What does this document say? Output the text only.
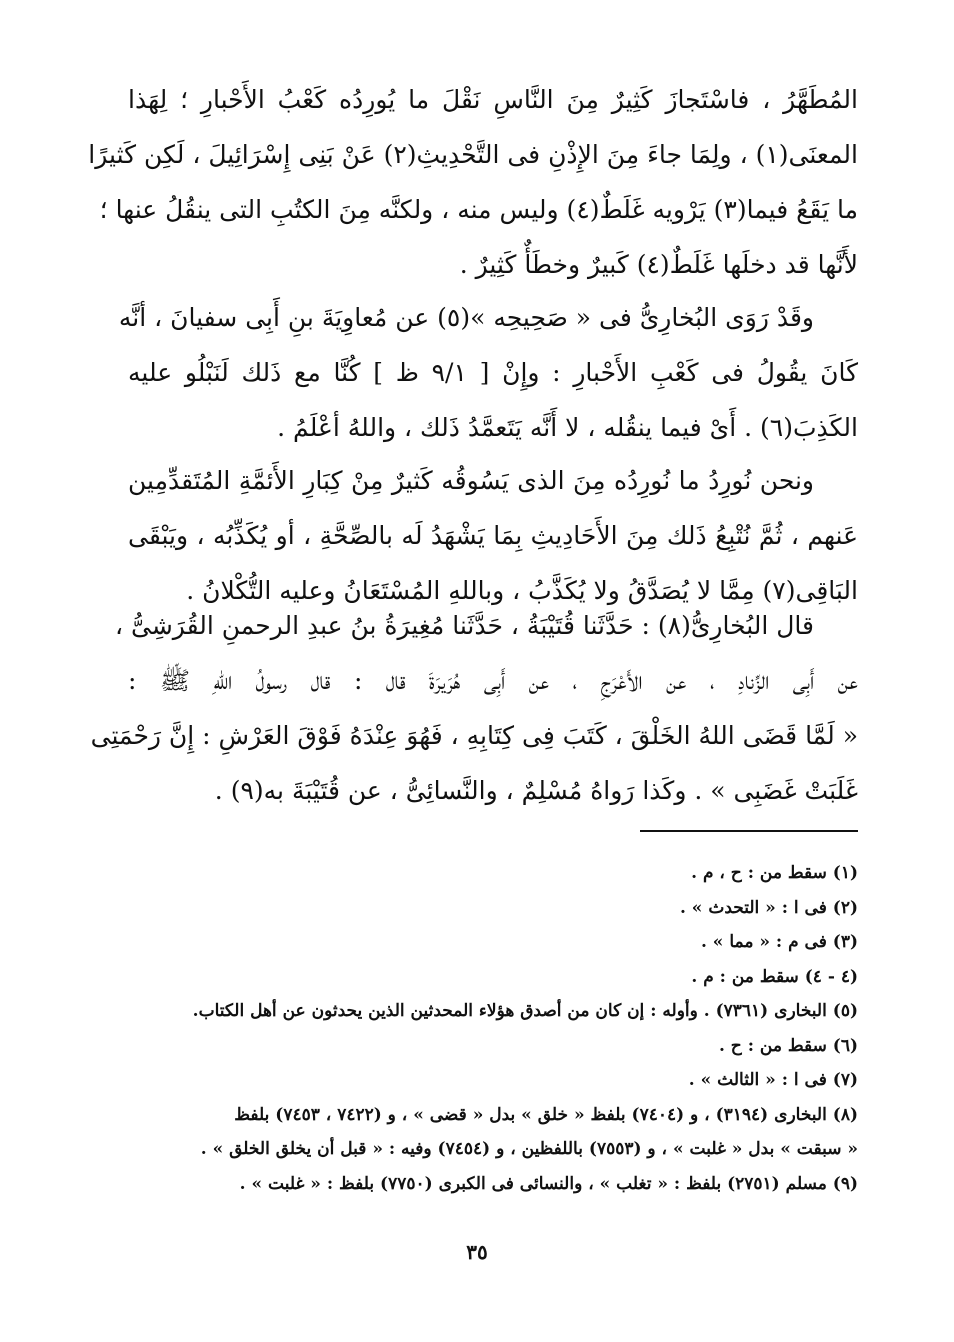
المُطَهَّرُ ، فاسْتَجازَ كَثِيرٌ مِنَ النَّاسِ نَقْلَ ما يُورِدُه كَعْبُ الأَحْبارِ ؛ لِهَذا
المعنَى(١) ، ولِمَا جاءَ مِنَ الإِذْنِ فى التَّحْدِيثِ(٢) عَنْ بَنِى إِسْرَائِيلَ ، لَكِن كَثيرًا
ما يَقَعُ فيما(٣) يَرْويه غَلَطٌ(٤) وليس منه ، ولكنَّه مِنَ الكتُبِ التى ينقُلُ عنها ؛
لأَنَّها قد دخلَها غَلَطٌ(٤) كَبيرٌ وخطَأٌ كَثِيرٌ .
وقَدْ رَوَى البُخارِىُّ فى « صَحِيحِه »(٥) عن مُعاوِيَةَ بنِ أَبِى سفيانَ ، أنَّه
كَانَ يقُولُ فى كَعْبِ الأَحْبارِ : وإِنْ [ ٩/١ ظ ] كُنَّا مع ذَلك لَنَبْلُو عليه
الكَذِبَ(٦) . أَىْ فيما ينقُله ، لا أَنَّه يَتَعمَّدُ ذَلك ، واللهُ أعْلَمُ .
ونحن نُورِدُ ما نُورِدُه مِنَ الذى يَسُوقُه كَثيرٌ مِنْ كِبَارِ الأَئمَّةِ المُتَقدِّمِين
عَنهم ، ثُمَّ نُتْبِعُ ذَلك مِنَ الأَحَادِيثِ بِمَا يَشْهَدُ لَه بالصِّحَّةِ ، أو يُكَذِّبُه ، ويَبْقَى
البَاقِى(٧) مِمَّا لا يُصَدَّقُ ولا يُكَذَّبُ ، وباللهِ المُسْتَعَانُ وعليه التُّكْلانُ .
قال البُخارِىُّ(٨) : حَدَّثَنا قُتَيْبَةُ ، حَدَّثَنا مُغِيرَةُ بنُ عبدِ الرحمنِ القُرَشِىُّ ،
عن أَبِى الزِّنادِ ، عن الأَعْرَجِ ، عن أَبِى هُرَيرَةَ قال : قال رسولُ اللهِ ﷺ :
« لَمَّا قَضَى اللهُ الخَلْقَ ، كَتَبَ فِى كِتَابِهِ ، فَهُوَ عِنْدَهُ فَوْقَ العَرْشِ : إِنَّ رَحْمَتِى
غَلَبَتْ غَضَبِى » . وكَذا رَواهُ مُسْلِمٌ ، والنَّسائِىُّ ، عن قُتَيْبَةَ به(٩) .
(١) سقط من : ح ، م .
(٢) فى ا : « التحدث » .
(٣) فى م : « مما » .
(٤ - ٤) سقط من : م .
(٥) البخارى (٧٣٦١) . وأوله : إن كان من أصدق هؤلاء المحدثين الذين يحدثون عن أهل الكتاب.
(٦) سقط من : ح .
(٧) فى ا : « الثالث » .
(٨) البخارى (٣١٩٤) ، و (٧٤٠٤) بلفظ « خلق » بدل « قضى » ، و (٧٤٢٢ ، ٧٤٥٣) بلفظ
« سبقت » بدل « غلبت » ، و (٧٥٥٣) باللفظين ، و (٧٤٥٤) وفيه : « قبل أن يخلق الخلق » .
(٩) مسلم (٢٧٥١) بلفظ : « تغلب » ، والنسائى فى الكبرى (٧٧٥٠) بلفظ : « غلبت » .
٣٥
